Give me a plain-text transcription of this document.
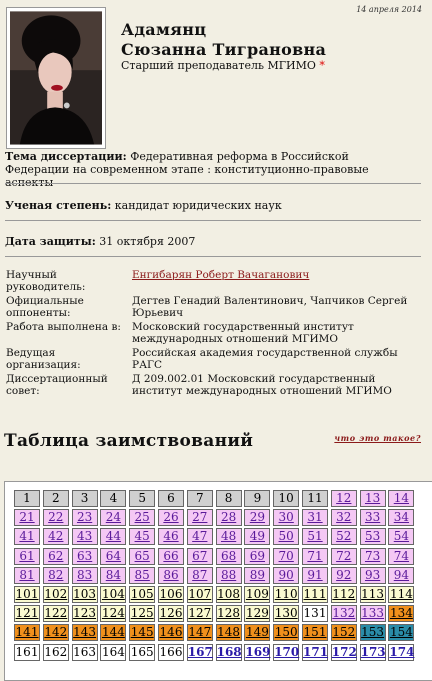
14 апреля 2014
Адамянц
Сюзанна Тиграновна
Старший преподаватель МГИМО *
Тема диссертации: Федеративная реформа в Российской Федерации на современном этапе : конституционно-правовые аспекты
Ученая степень: кандидат юридических наук
Дата защиты: 31 октября 2007
Научный руководитель:	Енгибарян Роберт Вачаганович
Официальные оппоненты:	Дегтев Генадий Валентинович, Чапчиков Сергей Юрьевич
Работа выполнена в:	Московский государственный институт международных отношений МГИМО
Ведущая организация:	Российская академия государственной службы РАГС
Диссертационный совет:	Д 209.002.01 Московский государственный институт международных отношений МГИМО
Таблица заимствований	что это такое?
1	2	3	4	5	6	7	8	9	10	11	12	13	14
21	22	23	24	25	26	27	28	29	30	31	32	33	34
41	42	43	44	45	46	47	48	49	50	51	52	53	54
61	62	63	64	65	66	67	68	69	70	71	72	73	74
81	82	83	84	85	86	87	88	89	90	91	92	93	94
101 102 103 104 105 106 107 108 109 110 111 112 113 114
121 122 123 124 125 126 127 128 129 130 131 132 133 134
141 142 143 144 145 146 147 148 149 150 151 152 153 154
161 162 163 164 165 166 167 168 169 170 171 172 173 174
